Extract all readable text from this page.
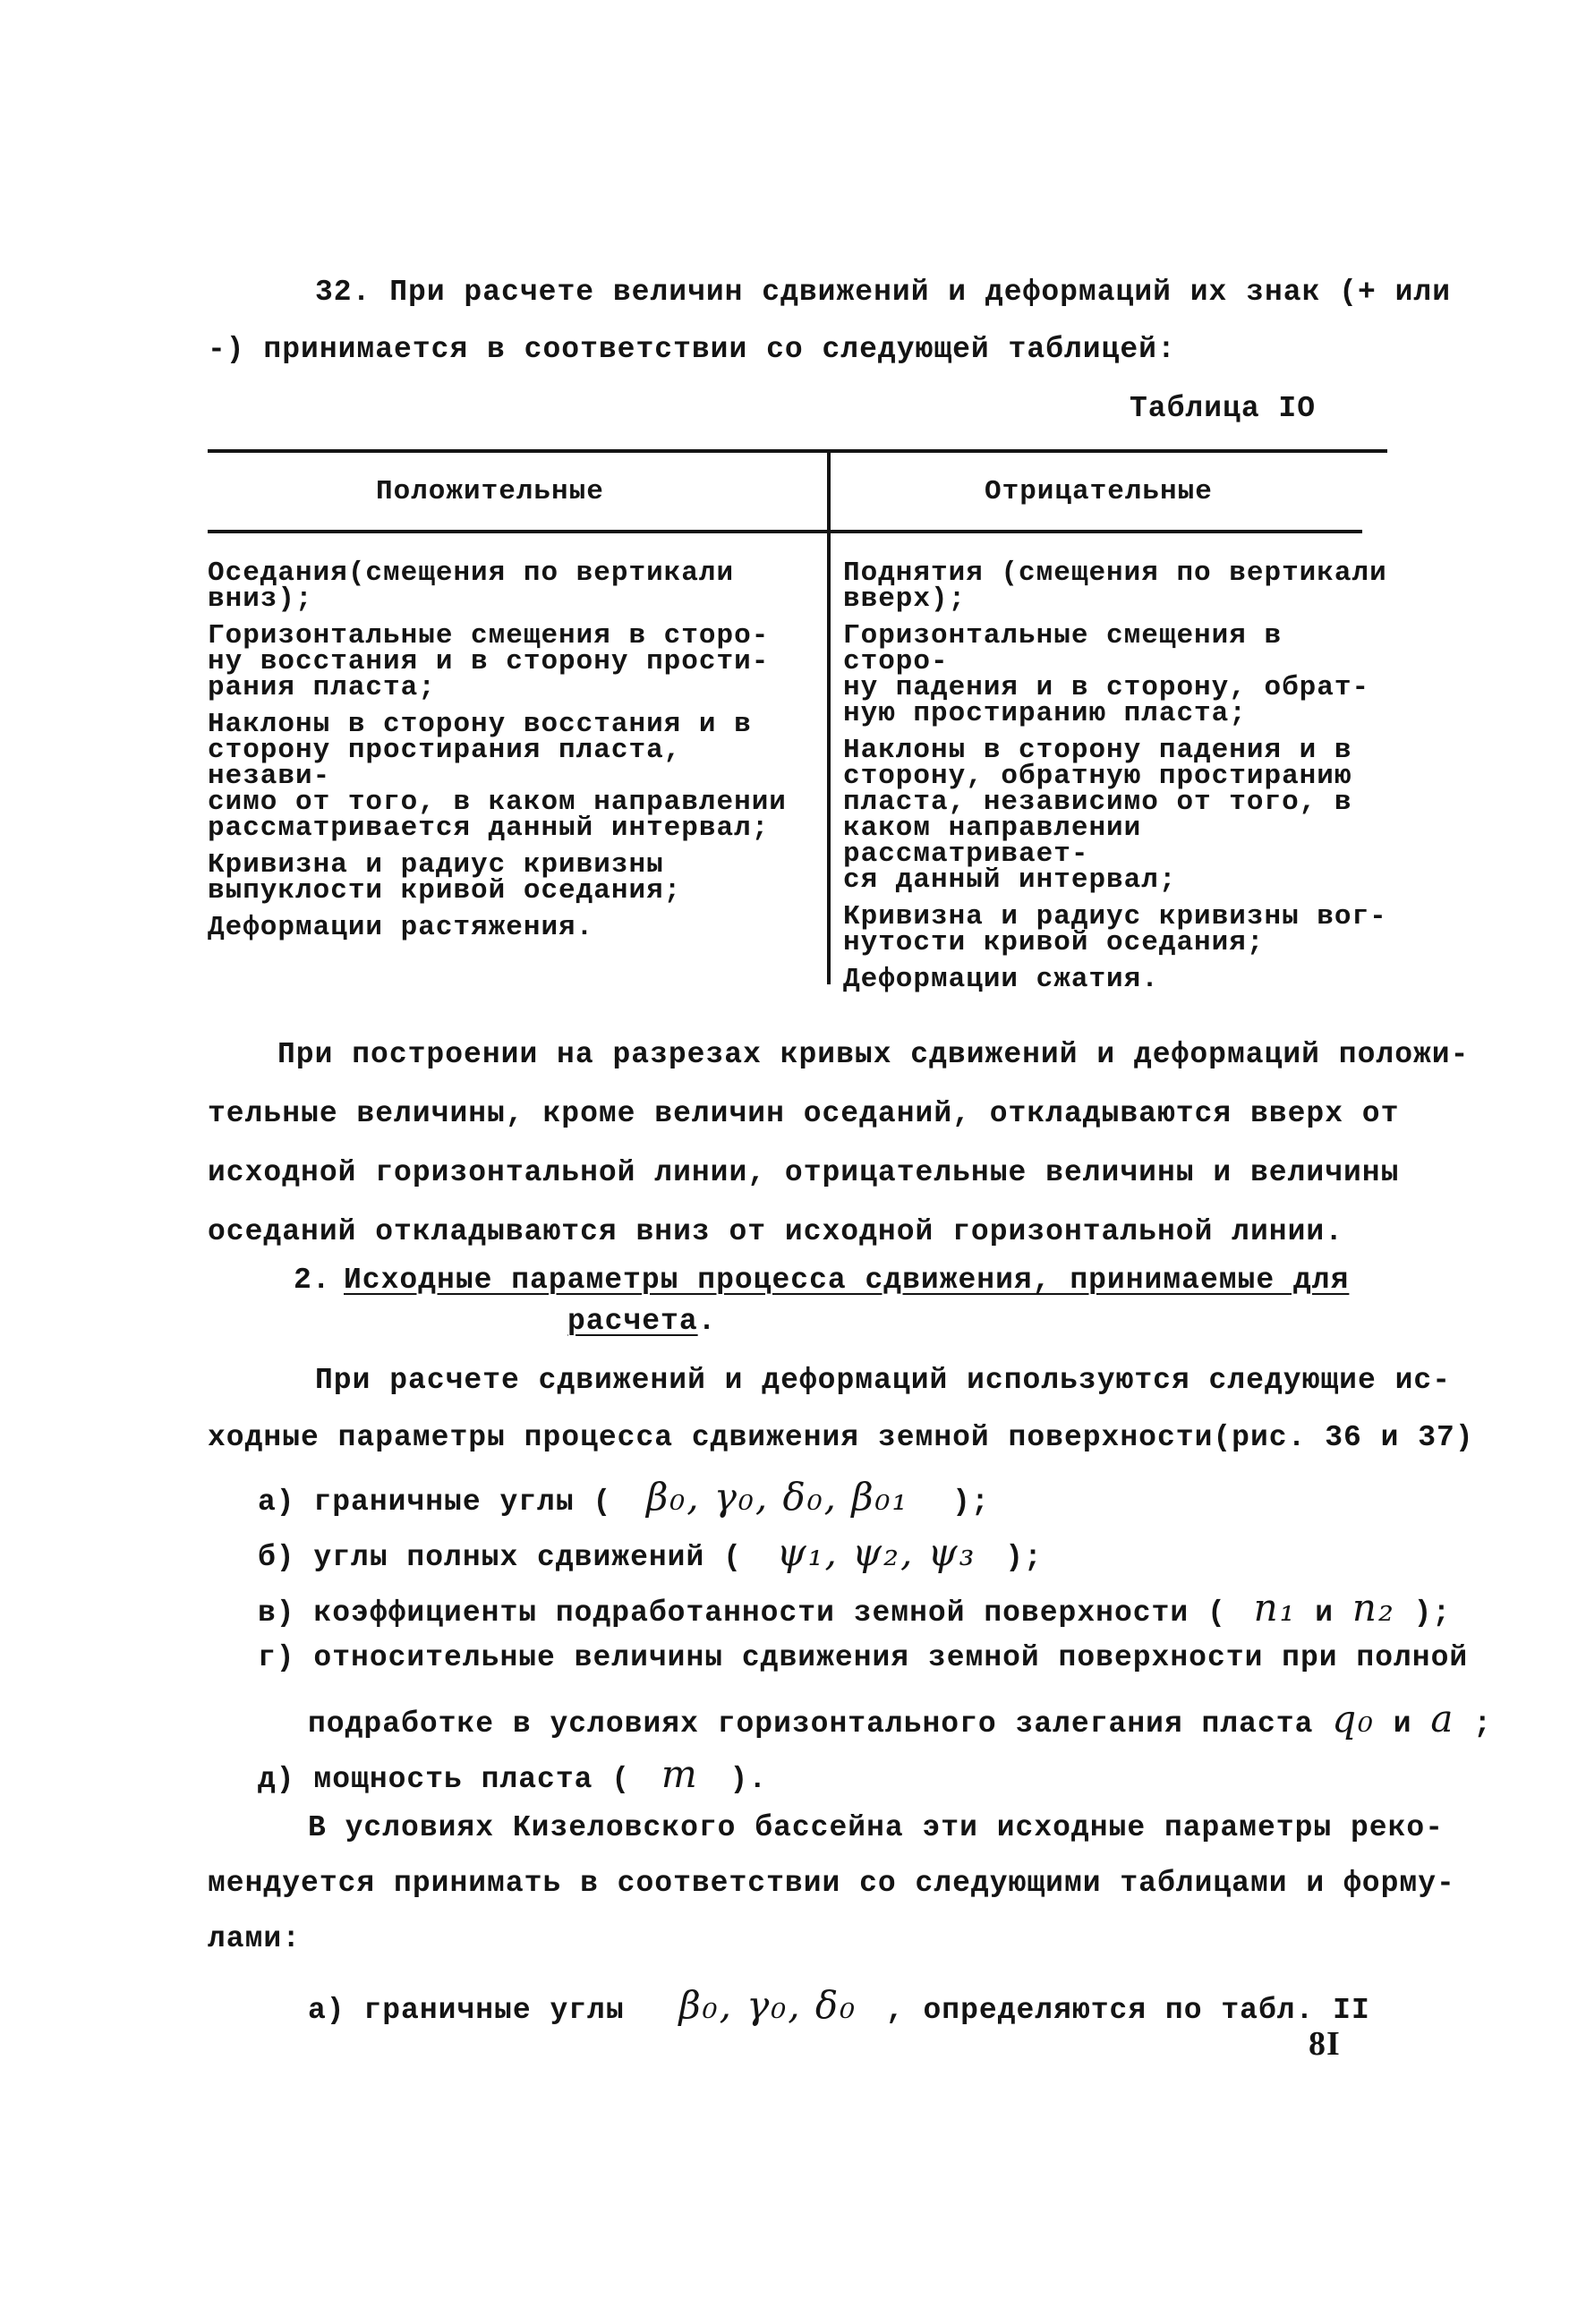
32. При расчете величин сдвижений и деформаций их знак (+ или
-) принимается в соответствии со следующей таблицей:
Таблица IO
Положительные	Отрицательные

Оседания(смещения по вертикали
вниз);

Горизонтальные смещения в сторо-
ну восстания и в сторону прости-
рания пласта;

Наклоны в сторону восстания и в
сторону простирания пласта, незави-
симо от того, в каком направлении
рассматривается данный интервал;

Кривизна и радиус кривизны
выпуклости кривой оседания;

Деформации растяжения.

Поднятия (смещения по вертикали
вверх);

Горизонтальные смещения в сторо-
ну падения и в сторону, обрат-
ную простиранию пласта;

Наклоны в сторону падения и в
сторону, обратную простиранию
пласта, независимо от того, в
каком направлении рассматривает-
ся данный интервал;

Кривизна и радиус кривизны вог-
нутости кривой оседания;

Деформации сжатия.

При построении на разрезах кривых сдвижений и деформаций положи-
тельные величины, кроме величин оседаний, откладываются вверх от
исходной горизонтальной линии, отрицательные величины и величины
оседаний откладываются вниз от исходной горизонтальной линии.
2. Исходные параметры процесса сдвижения, принимаемые для
расчета.
При расчете сдвижений и деформаций используются следующие ис-
ходные параметры процесса сдвижения земной поверхности(рис. 36 и 37)
а) граничные углы ( β₀, γ₀, δ₀, β₀₁ );
б) углы полных сдвижений ( ψ₁, ψ₂, ψ₃ );
в) коэффициенты подработанности земной поверхности ( n₁ и n₂ );
г) относительные величины сдвижения земной поверхности при полной
подработке в условиях горизонтального залегания пласта q₀ и a ;
д) мощность пласта ( m ).
В условиях Кизеловского бассейна эти исходные параметры реко-
мендуется принимать в соответствии со следующими таблицами и форму-
лами:
а) граничные углы β₀, γ₀, δ₀ , определяются по табл. II
8I
